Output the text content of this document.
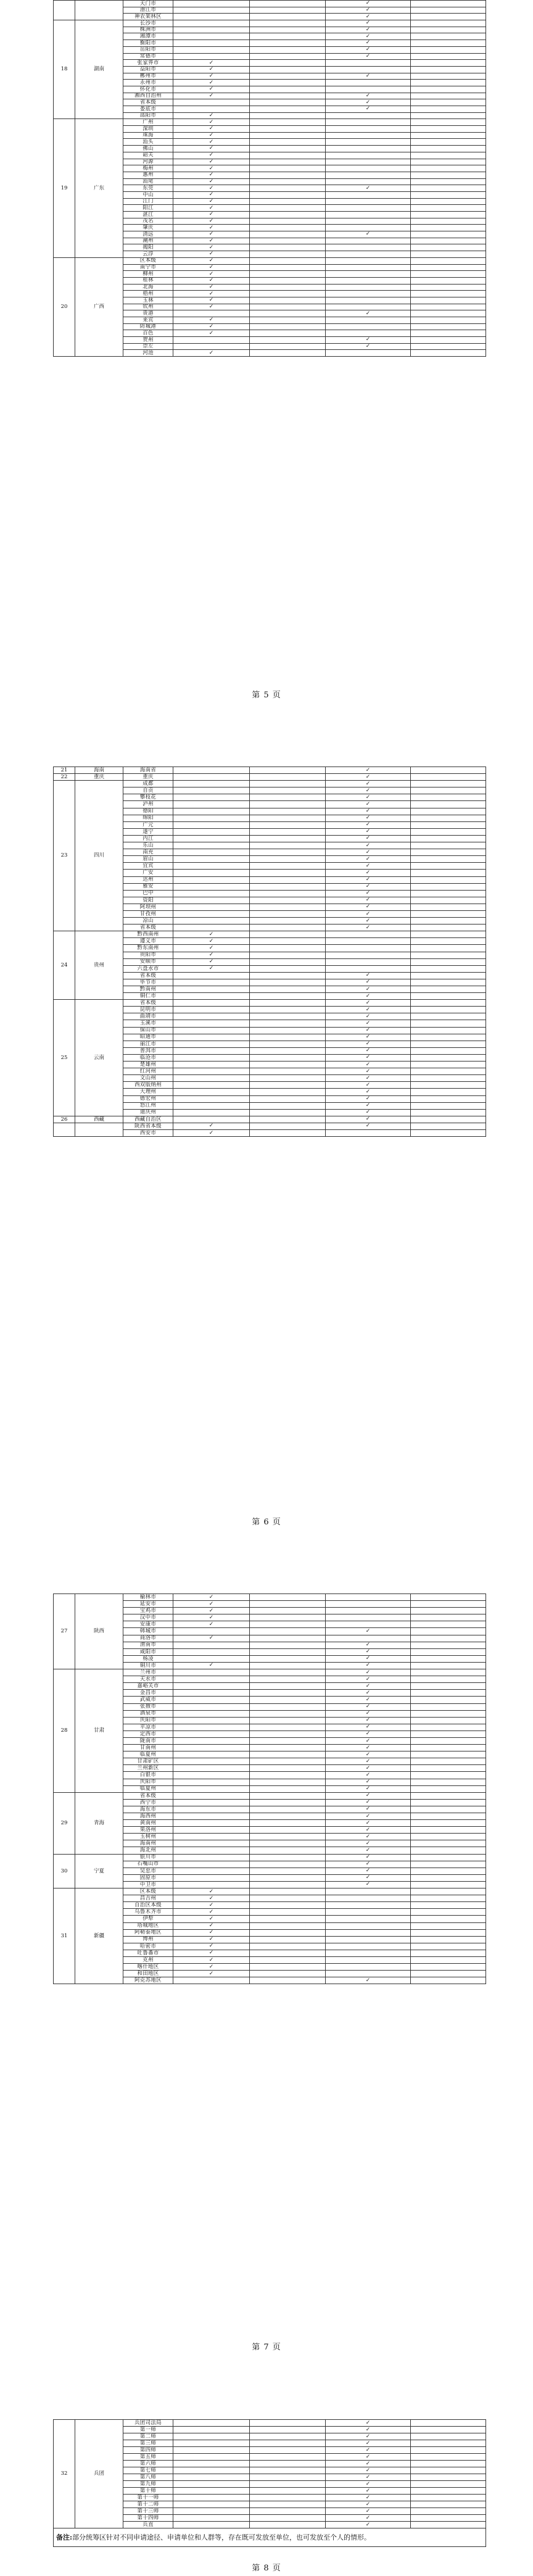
		天门市			✓	
		潜江市			✓	
		神农架林区			✓	
18	湖南	长沙市			✓	
		株洲市			✓	
		湘潭市			✓	
		衡阳市			✓	
		岳阳市			✓	
		常德市			✓	
		张家界市	✓			
		益阳市	✓			
		郴州市	✓		✓	
		永州市	✓			
		怀化市	✓			
		湘西自治州	✓		✓	
		省本级			✓	
		娄底市			✓	
		邵阳市	✓			
19	广东	广州	✓			
		深圳	✓			
		珠海	✓			
		汕头	✓			
		佛山	✓			
		韶关	✓			
		河源	✓			
		梅州	✓			
		惠州	✓			
		汕尾	✓			
		东莞	✓		✓	
		中山	✓			
		江门	✓			
		阳江	✓			
		湛江	✓			
		茂名	✓			
		肇庆	✓			
		清远	✓		✓	
		潮州	✓			
		揭阳	✓			
		云浮	✓			
20	广西	区本级	✓			
		南宁市	✓			
		柳州	✓			
		桂林	✓			
		北海	✓			
		梧州	✓			
		玉林	✓			
		钦州	✓			
		贵港			✓	
		来宾	✓			
		防城港	✓			
		百色	✓			
		贺州			✓	
		崇左			✓	
		河池	✓			
第 5 页
21	海南	海南省			✓	
22	重庆	重庆			✓	
23	四川	成都			✓	
		自贡			✓	
		攀枝花			✓	
		泸州			✓	
		德阳			✓	
		绵阳			✓	
		广元			✓	
		遂宁			✓	
		内江			✓	
		乐山			✓	
		南充			✓	
		眉山			✓	
		宜宾			✓	
		广安			✓	
		达州			✓	
		雅安			✓	
		巴中			✓	
		资阳			✓	
		阿坝州			✓	
		甘孜州			✓	
		凉山			✓	
		省本级			✓	
24	贵州	黔西南州	✓			
		遵义市	✓			
		黔东南州	✓			
		贵阳市	✓			
		安顺市	✓			
		六盘水市	✓			
		省本级			✓	
		毕节市			✓	
		黔南州			✓	
		铜仁市			✓	
25	云南	省本级			✓	
		昆明市			✓	
		曲靖市			✓	
		玉溪市			✓	
		保山市			✓	
		昭通市			✓	
		丽江市			✓	
		普洱市			✓	
		临沧市			✓	
		楚雄州			✓	
		红河州			✓	
		文山州			✓	
		西双版纳州			✓	
		大理州			✓	
		德宏州			✓	
		怒江州			✓	
		迪庆州			✓	
26	西藏	西藏自治区			✓	
		陕西省本级	✓		✓	
		西安市	✓			
第 6 页
27	陕西	榆林市	✓			
		延安市	✓			
		宝鸡市	✓			
		汉中市	✓			
		安康市	✓			
		韩城市			✓	
		商洛市	✓			
		渭南市			✓	
		咸阳市			✓	
		杨凌			✓	
		铜川市	✓		✓	
28	甘肃	兰州市			✓	
		天水市			✓	
		嘉峪关市			✓	
		金昌市			✓	
		武威市			✓	
		张掖市			✓	
		酒泉市			✓	
		庆阳市			✓	
		平凉市			✓	
		定西市			✓	
		陇南市			✓	
		甘南州			✓	
		临夏州			✓	
		甘肃矿区			✓	
		兰州新区			✓	
		白银市			✓	
		庆阳市			✓	
		临夏州			✓	
29	青海	省本级			✓	
		西宁市			✓	
		海东市			✓	
		海西州			✓	
		黄南州			✓	
		果洛州			✓	
		玉树州			✓	
		海南州			✓	
		海北州			✓	
30	宁夏	银川市			✓	
		石嘴山市			✓	
		吴忠市			✓	
		固原市			✓	
		中卫市			✓	
31	新疆	区本级	✓			
		昌吉州	✓			
		自治区本级	✓			
		乌鲁木齐市	✓			
		伊犁	✓			
		塔城地区	✓			
		阿勒泰地区	✓			
		博州	✓			
		哈密市	✓			
		吐鲁番市	✓			
		克州	✓			
		喀什地区	✓			
		和田地区	✓			
		阿克苏地区			✓	
第 7 页
32	兵团	兵团司法局			✓	
		第一师			✓	
		第二师			✓	
		第三师			✓	
		第四师			✓	
		第五师			✓	
		第六师			✓	
		第七师			✓	
		第八师			✓	
		第九师			✓	
		第十师			✓	
		第十一师			✓	
		第十二师			✓	
		第十三师			✓	
		第十四师			✓	
		兵直			✓	
备注:部分统筹区针对不同申请途径、申请单位和人群等，存在既可发放至单位，也可发放至个人的情形。						
第 8 页
